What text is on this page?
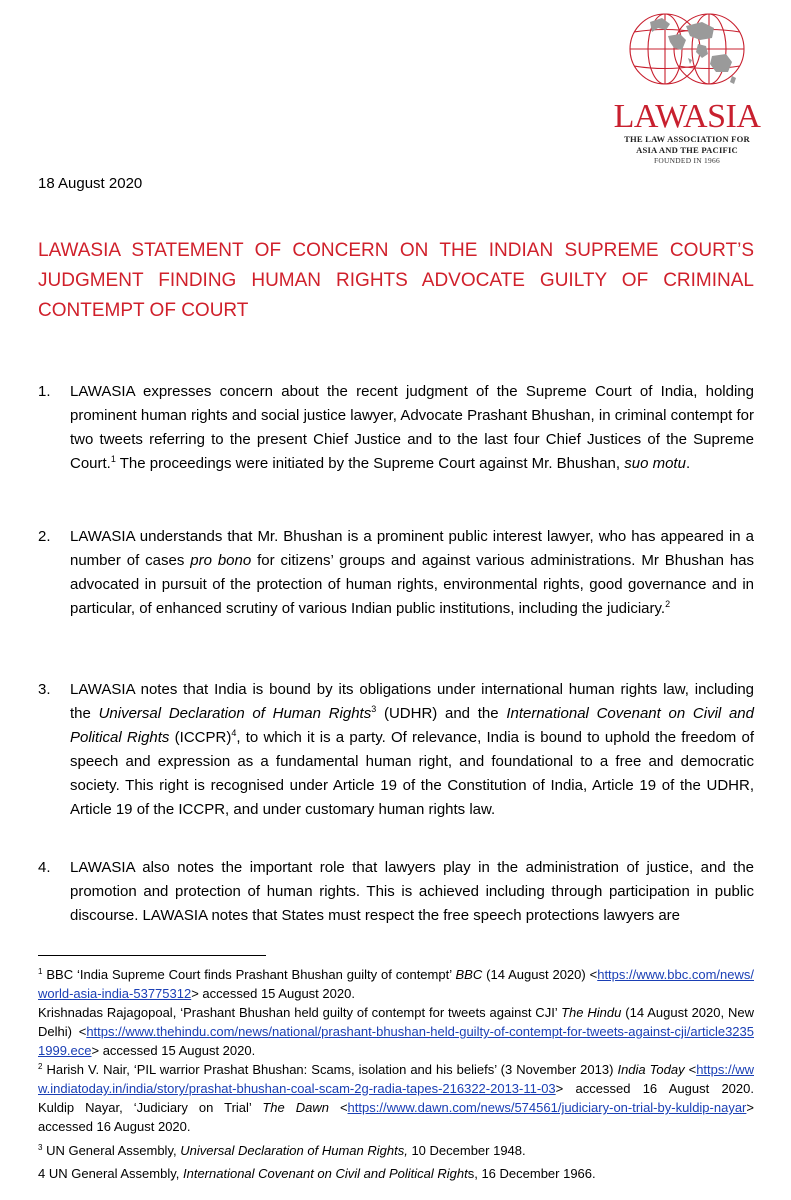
LAWASIA
THE LAW ASSOCIATION FOR
ASIA AND THE PACIFIC
FOUNDED IN 1966
18 August 2020
LAWASIA STATEMENT OF CONCERN ON THE INDIAN SUPREME COURT’S JUDGMENT FINDING HUMAN RIGHTS ADVOCATE GUILTY OF CRIMINAL CONTEMPT OF COURT
1. LAWASIA expresses concern about the recent judgment of the Supreme Court of India, holding prominent human rights and social justice lawyer, Advocate Prashant Bhushan, in criminal contempt for two tweets referring to the present Chief Justice and to the last four Chief Justices of the Supreme Court.$^1$ The proceedings were initiated by the Supreme Court against Mr. Bhushan, suo motu.
2. LAWASIA understands that Mr. Bhushan is a prominent public interest lawyer, who has appeared in a number of cases pro bono for citizens’ groups and against various administrations. Mr Bhushan has advocated in pursuit of the protection of human rights, environmental rights, good governance and in particular, of enhanced scrutiny of various Indian public institutions, including the judiciary.$^2$
3. LAWASIA notes that India is bound by its obligations under international human rights law, including the Universal Declaration of Human Rights$^3$ (UDHR) and the International Covenant on Civil and Political Rights (ICCPR)$^4$, to which it is a party. Of relevance, India is bound to uphold the freedom of speech and expression as a fundamental human right, and foundational to a free and democratic society. This right is recognised under Article 19 of the Constitution of India, Article 19 of the UDHR, Article 19 of the ICCPR, and under customary human rights law.
4. LAWASIA also notes the important role that lawyers play in the administration of justice, and the promotion and protection of human rights. This is achieved including through participation in public discourse. LAWASIA notes that States must respect the free speech protections lawyers are
$^1$ BBC ‘India Supreme Court finds Prashant Bhushan guilty of contempt’ BBC (14 August 2020) <https://www.bbc.com/news/world-asia-india-53775312> accessed 15 August 2020.
Krishnadas Rajagopoal, ‘Prashant Bhushan held guilty of contempt for tweets against CJI’ The Hindu (14 August 2020, New Delhi) <https://www.thehindu.com/news/national/prashant-bhushan-held-guilty-of-contempt-for-tweets-against-cji/article32351999.ece> accessed 15 August 2020.
$^2$ Harish V. Nair, ‘PIL warrior Prashat Bhushan: Scams, isolation and his beliefs’ (3 November 2013) India Today <https://www.indiatoday.in/india/story/prashat-bhushan-coal-scam-2g-radia-tapes-216322-2013-11-03> accessed 16 August 2020. Kuldip Nayar, ‘Judiciary on Trial’ The Dawn <https://www.dawn.com/news/574561/judiciary-on-trial-by-kuldip-nayar> accessed 16 August 2020.
$^3$ UN General Assembly, Universal Declaration of Human Rights, 10 December 1948.
4 UN General Assembly, International Covenant on Civil and Political Rights, 16 December 1966.
